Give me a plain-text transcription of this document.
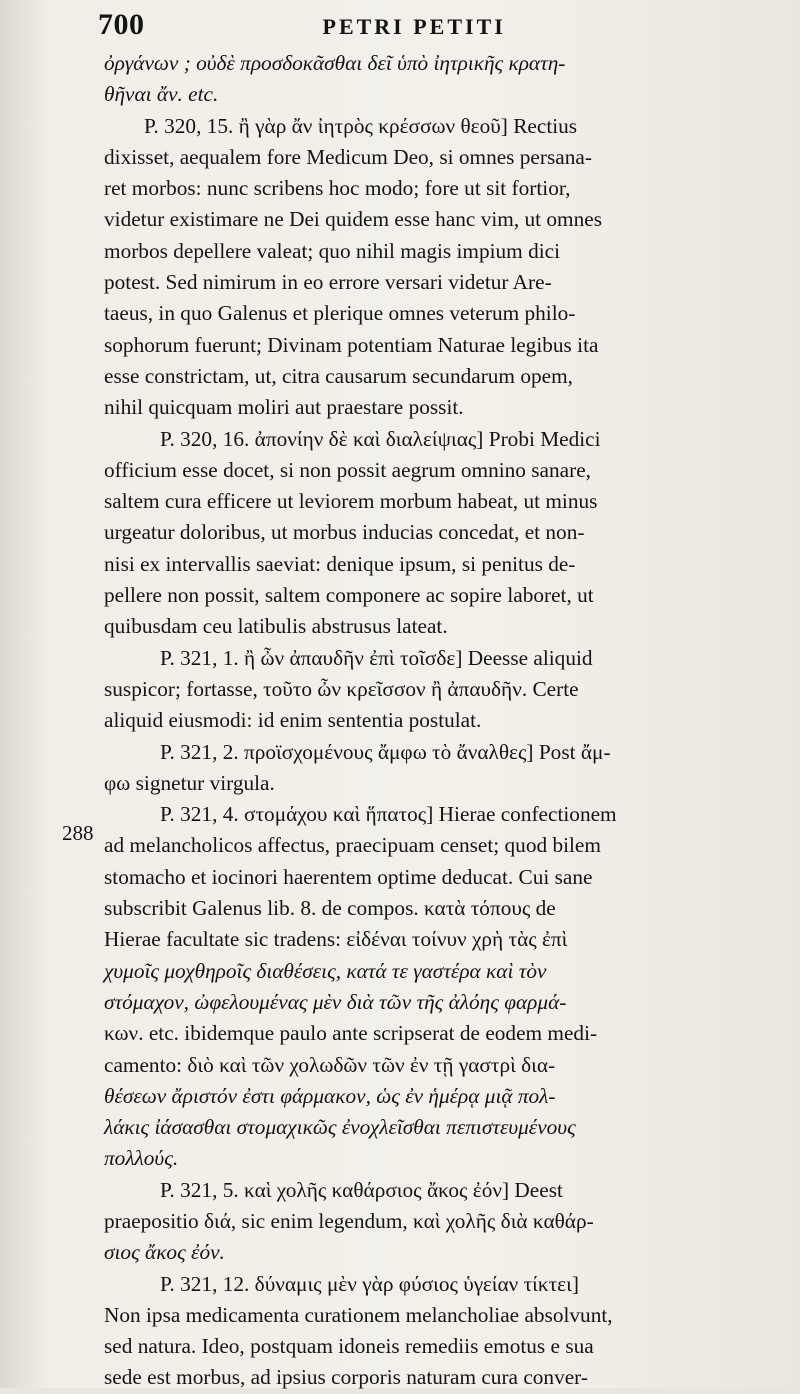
700	PETRI PETITI
288

ὀργάνων ; οὐδὲ προσδοκᾶσθαι δεῖ ὑπὸ ἰητρικῆς κρατη-
θῆναι ἄν. etc.

P. 320, 15. ἢ γὰρ ἄν ἰητρὸς κρέσσων θεοῦ] Rectius
dixisset, aequalem fore Medicum Deo, si omnes persana-
ret morbos: nunc scribens hoc modo; fore ut sit fortior,
videtur existimare ne Dei quidem esse hanc vim, ut omnes
morbos depellere valeat; quo nihil magis impium dici
potest. Sed nimirum in eo errore versari videtur Are-
taeus, in quo Galenus et plerique omnes veterum philo-
sophorum fuerunt; Divinam potentiam Naturae legibus ita
esse constrictam, ut, citra causarum secundarum opem,
nihil quicquam moliri aut praestare possit.

P. 320, 16. ἀπονίην δὲ καὶ διαλείψιας] Probi Medici
officium esse docet, si non possit aegrum omnino sanare,
saltem cura efficere ut leviorem morbum habeat, ut minus
urgeatur doloribus, ut morbus inducias concedat, et non-
nisi ex intervallis saeviat: denique ipsum, si penitus de-
pellere non possit, saltem componere ac sopire laboret, ut
quibusdam ceu latibulis abstrusus lateat.

P. 321, 1. ἢ ὦν ἀπαυδῆν ἐπὶ τοῖσδε] Deesse aliquid
suspicor; fortasse, τοῦτο ὦν κρεῖσσον ἢ ἀπαυδῆν. Certe
aliquid eiusmodi: id enim sententia postulat.

P. 321, 2. προϊσχομένους ἄμφω τὸ ἄναλθες] Post ἄμ-
φω signetur virgula.

P. 321, 4. στομάχου καὶ ἥπατος] Hierae confectionem
ad melancholicos affectus, praecipuam censet; quod bilem
stomacho et iocinori haerentem optime deducat. Cui sane
subscribit Galenus lib. 8. de compos. κατὰ τόπους de
Hierae facultate sic tradens: εἰδέναι τοίνυν χρὴ τὰς ἐπὶ
χυμοῖς μοχθηροῖς διαθέσεις, κατά τε γαστέρα καὶ τὸν
στόμαχον, ὠφελουμένας μὲν διὰ τῶν τῆς ἀλόης φαρμά-
κων. etc. ibidemque paulo ante scripserat de eodem medi-
camento: διὸ καὶ τῶν χολωδῶν τῶν ἐν τῇ γαστρὶ δια-
θέσεων ἄριστόν ἐστι φάρμακον, ὡς ἐν ἡμέρᾳ μιᾷ πολ-
λάκις ἰάσασθαι στομαχικῶς ἐνοχλεῖσθαι πεπιστευμένους
πολλούς.

P. 321, 5. καὶ χολῆς καθάρσιος ἄκος ἐόν] Deest
praepositio διά, sic enim legendum, καὶ χολῆς διὰ καθάρ-
σιος ἄκος ἐόν.

P. 321, 12. δύναμις μὲν γὰρ φύσιος ὑγείαν τίκτει]
Non ipsa medicamenta curationem melancholiae absolvunt,
sed natura. Ideo, postquam idoneis remediis emotus e sua
sede est morbus, ad ipsius corporis naturam cura conver-
